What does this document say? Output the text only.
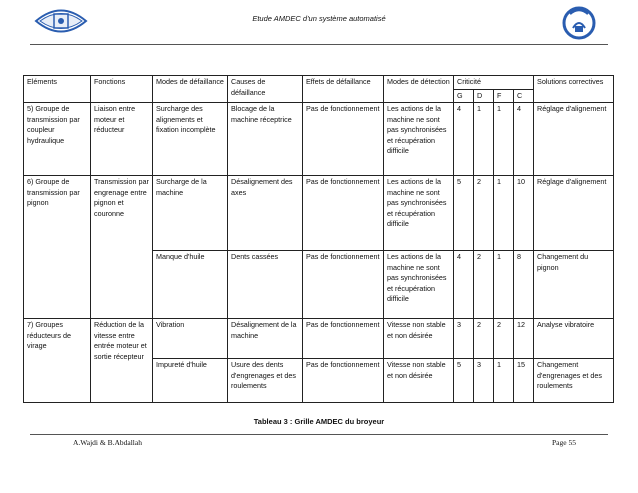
Etude AMDEC d'un système automatisé
Eléments	Fonctions	Modes de défaillance	Causes de défaillance	Effets de défaillance	Modes de détection	Criticité				Solutions correctives
						G	D	F	C	
5) Groupe de transmission par coupleur hydraulique	Liaison entre moteur et réducteur	Surcharge des alignements et fixation incomplète	Blocage de la machine réceptrice	Pas de fonctionnement	Les actions de la machine ne sont pas synchronisées et récupération difficile	4	1	1	4	Réglage d'alignement
6) Groupe de transmission par pignon	Transmission par engrenage entre pignon et couronne	Surcharge de la machine	Désalignement des axes	Pas de fonctionnement	Les actions de la machine ne sont pas synchronisées et récupération difficile	5	2	1	10	Réglage d'alignement
		Manque d'huile	Dents cassées	Pas de fonctionnement	Les actions de la machine ne sont pas synchronisées et récupération difficile	4	2	1	8	Changement du pignon
7) Groupes réducteurs de virage	Réduction de la vitesse entre entrée moteur et sortie récepteur	Vibration	Désalignement de la machine	Pas de fonctionnement	Vitesse non stable et non désirée	3	2	2	12	Analyse vibratoire
		Impureté d'huile	Usure des dents d'engrenages et des roulements	Pas de fonctionnement	Vitesse non stable et non désirée	5	3	1	15	Changement d'engrenages et des roulements
Tableau 3 : Grille AMDEC du broyeur
A.Wajdi & B.Abdallah	Page 55
